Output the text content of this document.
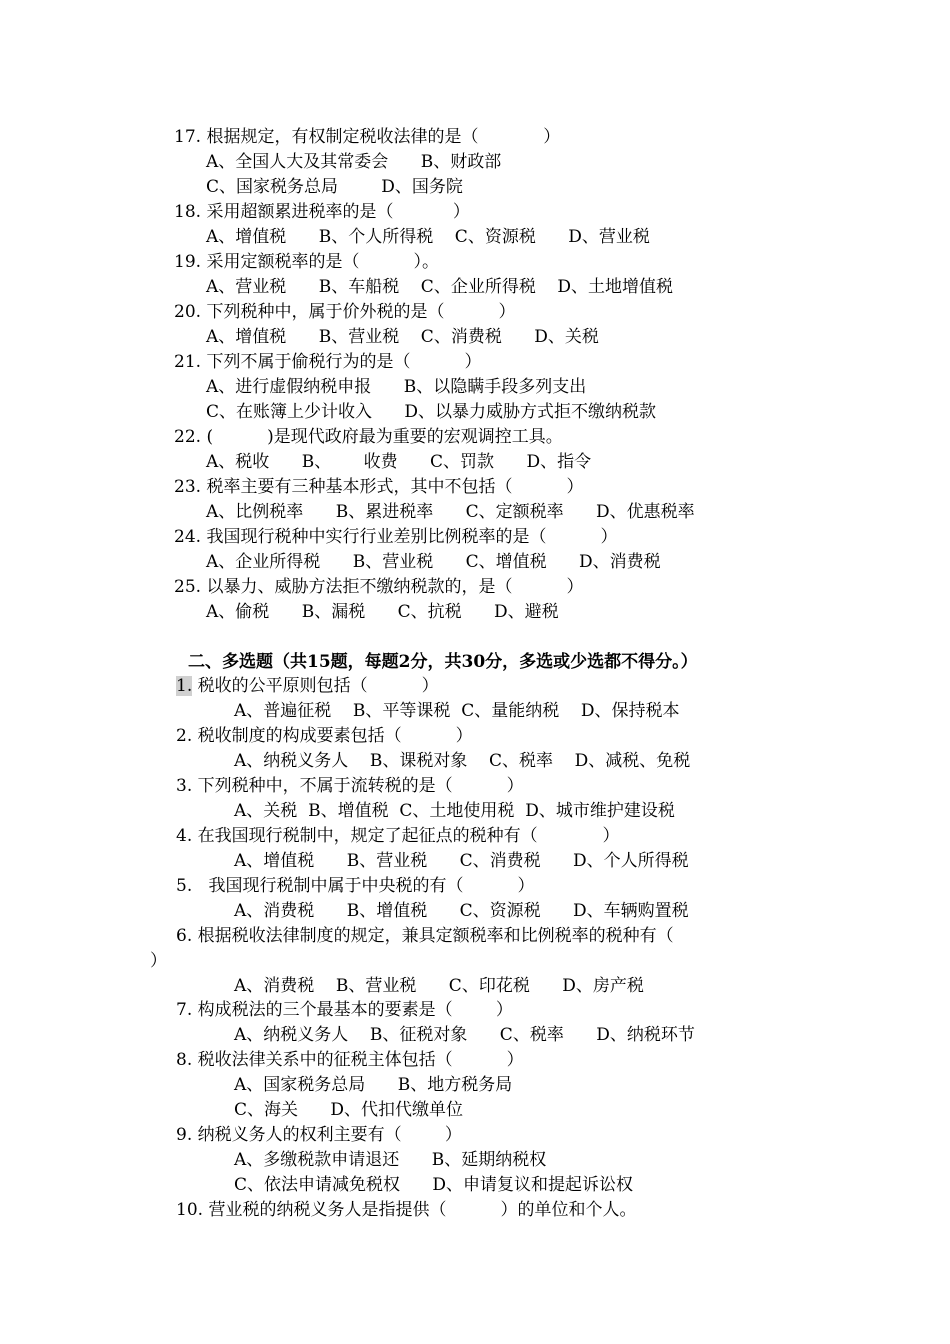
17. 根据规定，有权制定税收法律的是（            ）
A、全国人大及其常委会      B、财政部
C、国家税务总局        D、国务院
18. 采用超额累进税率的是（           ）
A、增值税      B、个人所得税    C、资源税      D、营业税
19. 采用定额税率的是（          ）。
A、营业税      B、车船税    C、企业所得税    D、土地增值税
20. 下列税种中，属于价外税的是（          ）
A、增值税      B、营业税    C、消费税      D、关税
21. 下列不属于偷税行为的是（          ）
A、进行虚假纳税申报      B、以隐瞒手段多列支出
C、在账簿上少计收入      D、以暴力威胁方式拒不缴纳税款
22. (          )是现代政府最为重要的宏观调控工具。
A、税收      B、      收费      C、罚款      D、指令
23. 税率主要有三种基本形式，其中不包括（          ）
A、比例税率      B、累进税率      C、定额税率      D、优惠税率
24. 我国现行税种中实行行业差别比例税率的是（          ）
A、企业所得税      B、营业税      C、增值税      D、消费税
25. 以暴力、威胁方法拒不缴纳税款的，是（          ）
A、偷税      B、漏税      C、抗税      D、避税
二、多选题（共15题，每题2分，共30分，多选或少选都不得分。）
1. 税收的公平原则包括（          ）
A、普遍征税    B、平等课税  C、量能纳税    D、保持税本
2. 税收制度的构成要素包括（          ）
A、纳税义务人    B、课税对象    C、税率    D、减税、免税
3. 下列税种中，不属于流转税的是（          ）
A、关税  B、增值税  C、土地使用税  D、城市维护建设税
4. 在我国现行税制中，规定了起征点的税种有（            ）
A、增值税      B、营业税      C、消费税      D、个人所得税
5.   我国现行税制中属于中央税的有（          ）
A、消费税      B、增值税      C、资源税      D、车辆购置税
6. 根据税收法律制度的规定，兼具定额税率和比例税率的税种有（
）
A、消费税    B、营业税      C、印花税      D、房产税
7. 构成税法的三个最基本的要素是（        ）
A、纳税义务人    B、征税对象      C、税率      D、纳税环节
8. 税收法律关系中的征税主体包括（          ）
A、国家税务总局      B、地方税务局
C、海关      D、代扣代缴单位
9. 纳税义务人的权利主要有（        ）
A、多缴税款申请退还      B、延期纳税权
C、依法申请减免税权      D、申请复议和提起诉讼权
10. 营业税的纳税义务人是指提供（          ）的单位和个人。
